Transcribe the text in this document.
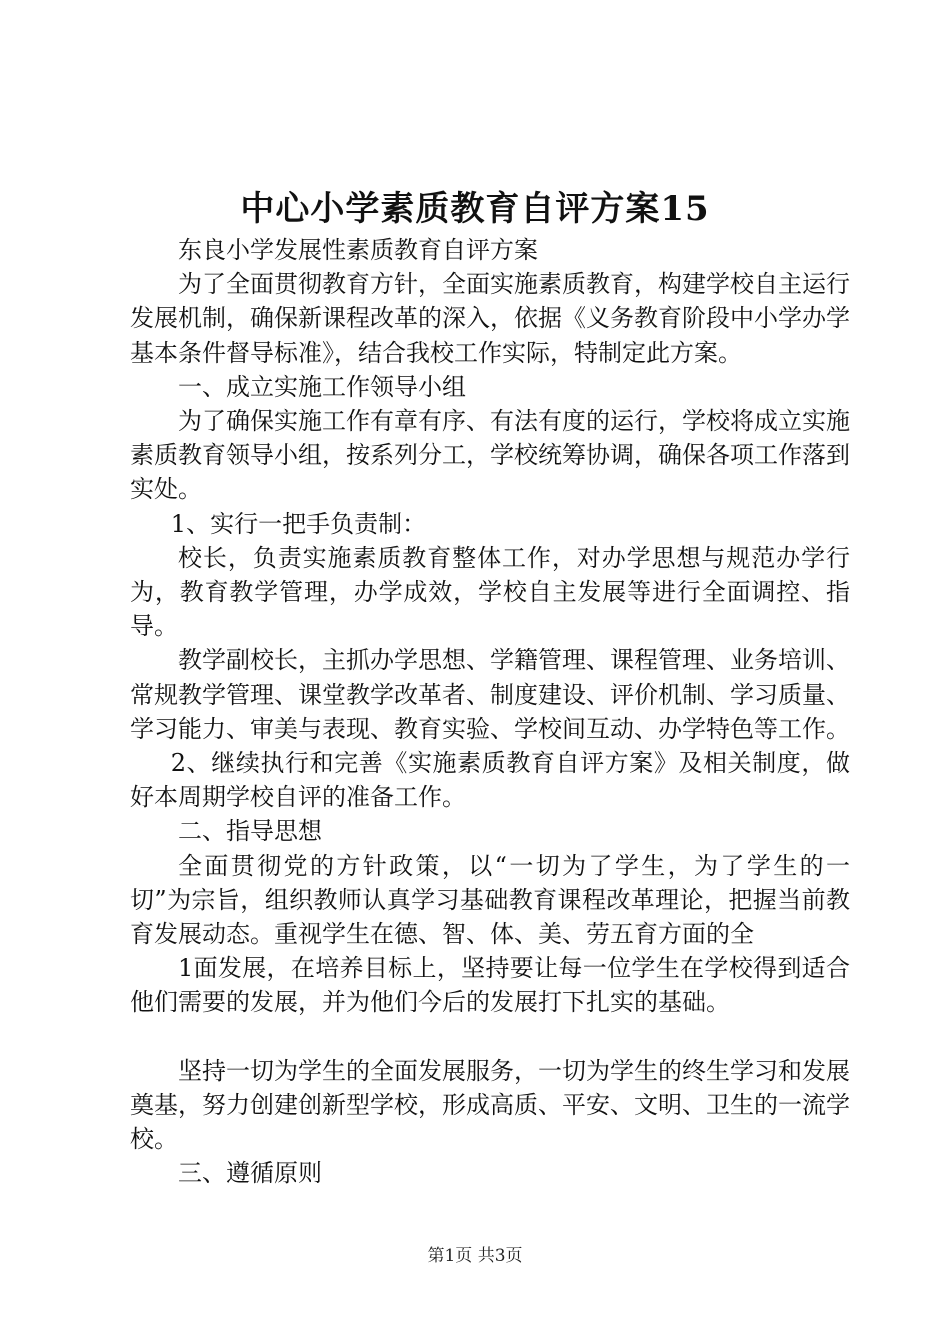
中心小学素质教育自评方案15

东良小学发展性素质教育自评方案

为了全面贯彻教育方针，全面实施素质教育，构建学校自主运行发展机制，确保新课程改革的深入，依据《义务教育阶段中小学办学基本条件督导标准》，结合我校工作实际，特制定此方案。

一、成立实施工作领导小组

为了确保实施工作有章有序、有法有度的运行，学校将成立实施素质教育领导小组，按系列分工，学校统筹协调，确保各项工作落到实处。

1、实行一把手负责制：

校长，负责实施素质教育整体工作，对办学思想与规范办学行为，教育教学管理，办学成效，学校自主发展等进行全面调控、指导。

教学副校长，主抓办学思想、学籍管理、课程管理、业务培训、常规教学管理、课堂教学改革者、制度建设、评价机制、学习质量、学习能力、审美与表现、教育实验、学校间互动、办学特色等工作。

2、继续执行和完善《实施素质教育自评方案》及相关制度，做好本周期学校自评的准备工作。

二、指导思想

全面贯彻党的方针政策，以“一切为了学生，为了学生的一切”为宗旨，组织教师认真学习基础教育课程改革理论，把握当前教育发展动态。重视学生在德、智、体、美、劳五育方面的全

1面发展，在培养目标上，坚持要让每一位学生在学校得到适合他们需要的发展，并为他们今后的发展打下扎实的基础。

坚持一切为学生的全面发展服务，一切为学生的终生学习和发展奠基，努力创建创新型学校，形成高质、平安、文明、卫生的一流学校。

三、遵循原则

第1页 共3页
